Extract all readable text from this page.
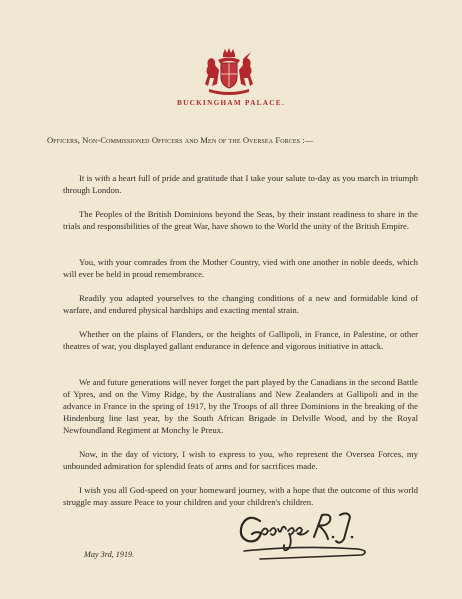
BUCKINGHAM PALACE.
Officers, Non-Commissioned Officers and Men of the Oversea Forces :—

It is with a heart full of pride and gratitude that I take your salute to-day as you march in triumph through London.

The Peoples of the British Dominions beyond the Seas, by their instant readiness to share in the trials and responsibilities of the great War, have shown to the World the unity of the British Empire.

You, with your comrades from the Mother Country, vied with one another in noble deeds, which will ever be held in proud remembrance.

Readily you adapted yourselves to the changing conditions of a new and formidable kind of warfare, and endured physical hardships and exacting mental strain.

Whether on the plains of Flanders, or the heights of Gallipoli, in France, in Palestine, or other theatres of war, you displayed gallant endurance in defence and vigorous initiative in attack.

We and future generations will never forget the part played by the Canadians in the second Battle of Ypres, and on the Vimy Ridge, by the Australians and New Zealanders at Gallipoli and in the advance in France in the spring of 1917, by the Troops of all three Dominions in the breaking of the Hindenburg line last year, by the South African Brigade in Delville Wood, and by the Royal Newfoundland Regiment at Monchy le Preux.

Now, in the day of victory, I wish to express to you, who represent the Oversea Forces, my unbounded admiration for splendid feats of arms and for sacrifices made.

I wish you all God-speed on your homeward journey, with a hope that the outcome of this world struggle may assure Peace to your children and your children's children.

May 3rd, 1919.
